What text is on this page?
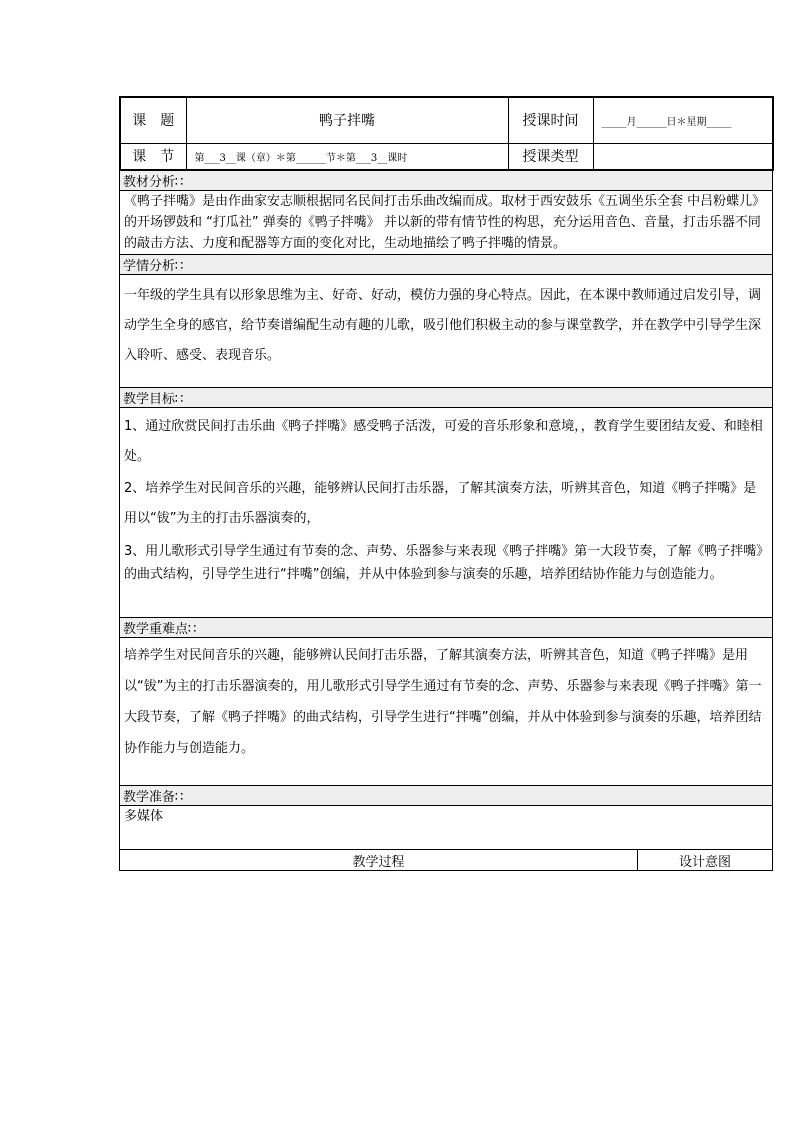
课　题	鸭子拌嘴	授课时间	_____月______日＊星期_____
课　节	第___3__课（章）＊第______节＊第___3__课时	授课类型	
教材分析∷
《鸭子拌嘴》是由作曲家安志顺根据同名民间打击乐曲改编而成。取材于西安鼓乐《五调坐乐全套 中吕粉蝶儿》的开场锣鼓和 “打瓜社” 弹奏的《鸭子拌嘴》 并以新的带有情节性的构思，充分运用音色、音量，打击乐器不同的敲击方法、力度和配器等方面的变化对比，生动地描绘了鸭子拌嘴的情景。
学情分析∷
一年级的学生具有以形象思维为主、好奇、好动，模仿力强的身心特点。因此，在本课中教师通过启发引导，调动学生全身的感官，给节奏谱编配生动有趣的儿歌，吸引他们积极主动的参与课堂教学，并在教学中引导学生深入聆听、感受、表现音乐。
教学目标∷

1、通过欣赏民间打击乐曲《鸭子拌嘴》感受鸭子活泼，可爱的音乐形象和意境，，教育学生要团结友爱、和睦相处。

2、培养学生对民间音乐的兴趣，能够辨认民间打击乐器，了解其演奏方法，听辨其音色，知道《鸭子拌嘴》是用以“钹”为主的打击乐器演奏的，

3、用儿歌形式引导学生通过有节奏的念、声势、乐器参与来表现《鸭子拌嘴》第一大段节奏，了解《鸭子拌嘴》的曲式结构，引导学生进行“拌嘴”创编，并从中体验到参与演奏的乐趣，培养团结协作能力与创造能力。

教学重难点∷
培养学生对民间音乐的兴趣，能够辨认民间打击乐器，了解其演奏方法，听辨其音色，知道《鸭子拌嘴》是用以“钹”为主的打击乐器演奏的，用儿歌形式引导学生通过有节奏的念、声势、乐器参与来表现《鸭子拌嘴》第一大段节奏，了解《鸭子拌嘴》的曲式结构，引导学生进行“拌嘴”创编，并从中体验到参与演奏的乐趣，培养团结协作能力与创造能力。
教学准备∷
多媒体
教学过程	设计意图
